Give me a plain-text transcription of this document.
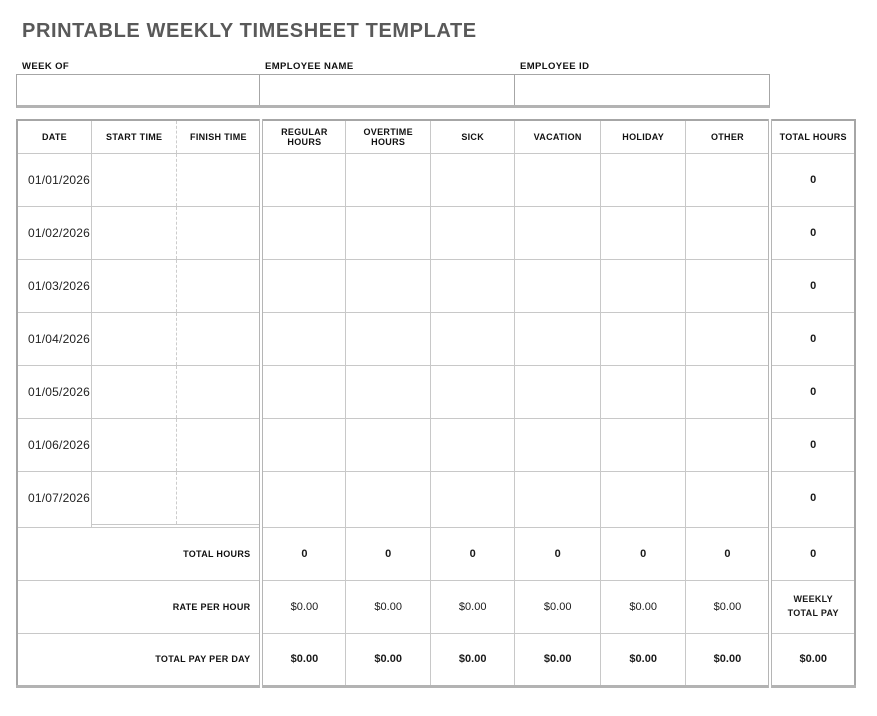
PRINTABLE WEEKLY TIMESHEET TEMPLATE
WEEK OF	EMPLOYEE NAME	EMPLOYEE ID
DATE	START TIME	FINISH TIME	REGULAR HOURS	OVERTIME HOURS	SICK	VACATION	HOLIDAY	OTHER	TOTAL HOURS
01/01/2026									0
01/02/2026									0
01/03/2026									0
01/04/2026									0
01/05/2026									0
01/06/2026									0
01/07/2026									0

TOTAL HOURS			0	0	0	0	0	0	0
RATE PER HOUR			$0.00	$0.00	$0.00	$0.00	$0.00	$0.00	WEEKLY TOTAL PAY
TOTAL PAY PER DAY			$0.00	$0.00	$0.00	$0.00	$0.00	$0.00	$0.00
